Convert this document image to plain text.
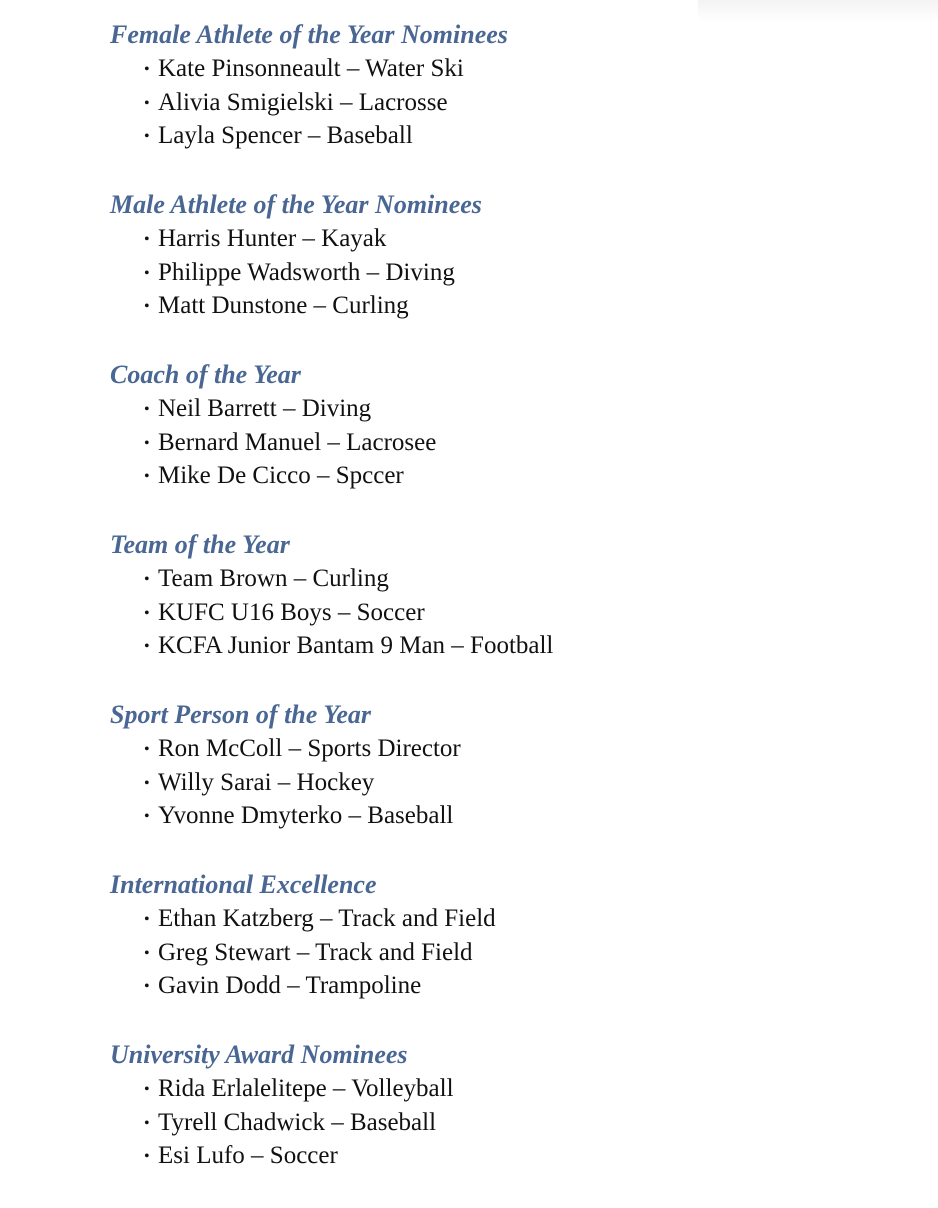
Female Athlete of the Year Nominees
• Kate Pinsonneault – Water Ski
• Alivia Smigielski – Lacrosse
• Layla Spencer – Baseball
Male Athlete of the Year Nominees
• Harris Hunter – Kayak
• Philippe Wadsworth – Diving
• Matt Dunstone – Curling
Coach of the Year
• Neil Barrett – Diving
• Bernard Manuel – Lacrosee
• Mike De Cicco – Spccer
Team of the Year
• Team Brown – Curling
• KUFC U16 Boys – Soccer
• KCFA Junior Bantam 9 Man – Football
Sport Person of the Year
• Ron McColl – Sports Director
• Willy Sarai – Hockey
• Yvonne Dmyterko – Baseball
International Excellence
• Ethan Katzberg – Track and Field
• Greg Stewart – Track and Field
• Gavin Dodd – Trampoline
University Award Nominees
• Rida Erlalelitepe – Volleyball
• Tyrell Chadwick – Baseball
• Esi Lufo – Soccer
